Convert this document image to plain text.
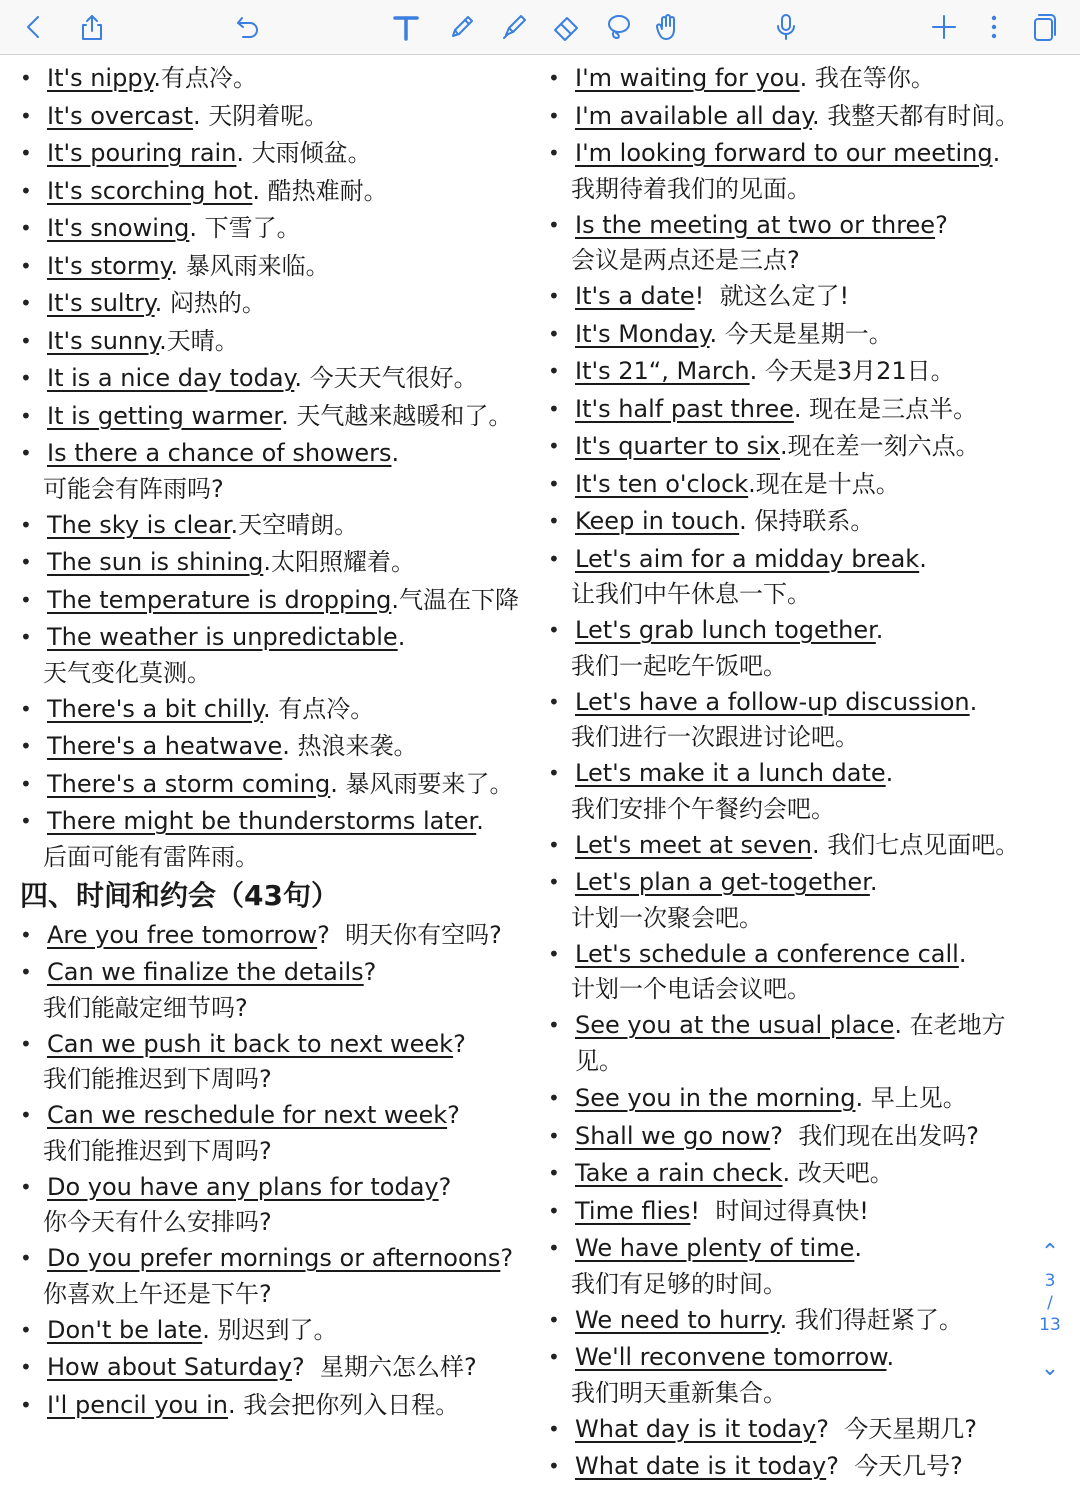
• It's nippy.有点冷。
• It's overcast. 天阴着呢。
• It's pouring rain. 大雨倾盆。
• It's scorching hot. 酷热难耐。
• It's snowing. 下雪了。
• It's stormy. 暴风雨来临。
• It's sultry. 闷热的。
• It's sunny.天晴。
• It is a nice day today. 今天天气很好。
• It is getting warmer. 天气越来越暖和了。
• Is there a chance of showers.
可能会有阵雨吗?
• The sky is clear.天空晴朗。
• The sun is shining.太阳照耀着。
• The temperature is dropping.气温在下降
• The weather is unpredictable.
天气变化莫测。
• There's a bit chilly. 有点冷。
• There's a heatwave. 热浪来袭。
• There's a storm coming. 暴风雨要来了。
• There might be thunderstorms later.
后面可能有雷阵雨。
四、时间和约会（43句）
• Are you free tomorrow?  明天你有空吗?
• Can we finalize the details?
我们能敲定细节吗?
• Can we push it back to next week?
我们能推迟到下周吗?
• Can we reschedule for next week?
我们能推迟到下周吗?
• Do you have any plans for today?
你今天有什么安排吗?
• Do you prefer mornings or afternoons?
你喜欢上午还是下午?
• Don't be late. 别迟到了。
• How about Saturday?  星期六怎么样?
• I'l pencil you in. 我会把你列入日程。
• I'm waiting for you. 我在等你。
• I'm available all day. 我整天都有时间。
• I'm looking forward to our meeting.
我期待着我们的见面。
• Is the meeting at two or three?
会议是两点还是三点?
• It's a date!  就这么定了!
• It's Monday. 今天是星期一。
• It's 21“, March. 今天是3月21日。
• It's half past three. 现在是三点半。
• It's quarter to six.现在差一刻六点。
• It's ten o'clock.现在是十点。
• Keep in touch. 保持联系。
• Let's aim for a midday break.
让我们中午休息一下。
• Let's grab lunch together.
我们一起吃午饭吧。
• Let's have a follow-up discussion.
我们进行一次跟进讨论吧。
• Let's make it a lunch date.
我们安排个午餐约会吧。
• Let's meet at seven. 我们七点见面吧。
• Let's plan a get-together.
计划一次聚会吧。
• Let's schedule a conference call.
计划一个电话会议吧。
• See you at the usual place. 在老地方见。
• See you in the morning. 早上见。
• Shall we go now?  我们现在出发吗?
• Take a rain check. 改天吧。
• Time flies!  时间过得真快!
• We have plenty of time.
我们有足够的时间。
• We need to hurry. 我们得赶紧了。
• We'll reconvene tomorrow.
我们明天重新集合。
• What day is it today?  今天星期几?
• What date is it today?  今天几号?
⌃
3
/
13
⌄
